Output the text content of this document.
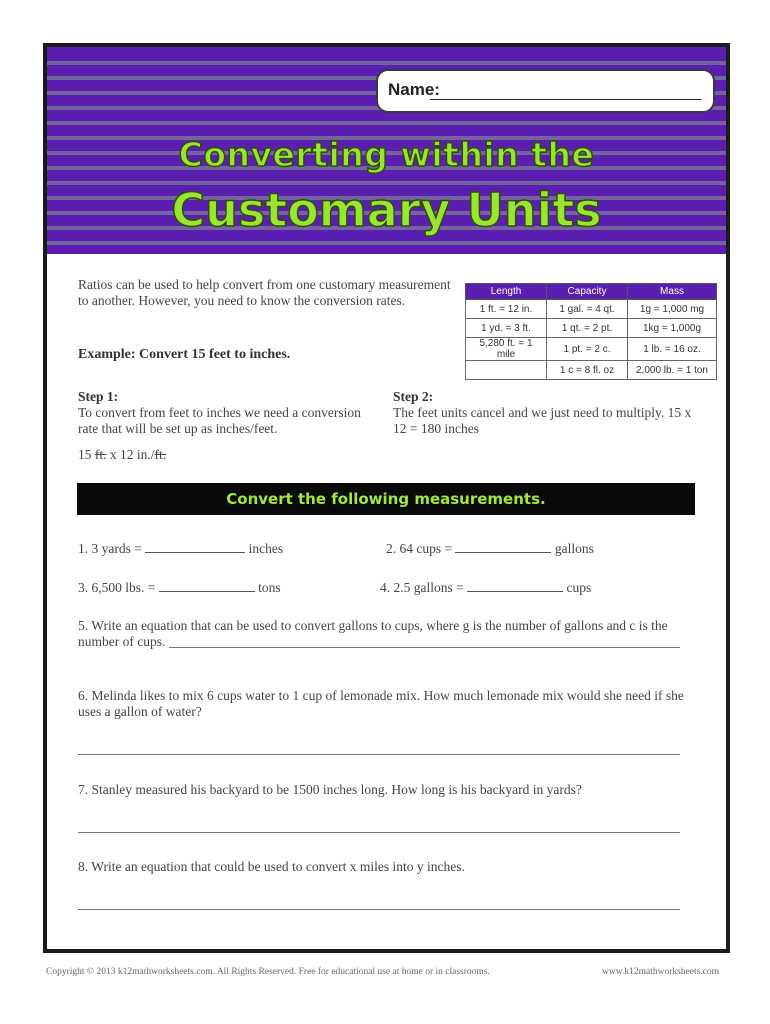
Name:
Converting within the
Customary Units
Ratios can be used to help convert from one customary measurement to another. However, you need to know the conversion rates.
Length	Capacity	Mass
1 ft. = 12 in.	1 gal. = 4 qt.	1g = 1,000 mg
1 yd. = 3 ft.	1 qt. = 2 pt.	1kg = 1,000g
5,280 ft. = 1 mile	1 pt. = 2 c.	1 lb. = 16 oz.
	1 c = 8 fl. oz	2,000 lb. = 1 ton
Example: Convert 15 feet to inches.
Step 1:
To convert from feet to inches we need a conversion rate that will be set up as inches/feet.
Step 2:
The feet units cancel and we just need to multiply. 15 x 12 = 180 inches
15 ft. x 12 in./ft.
Convert the following measurements.
1. 3 yards =	inches	2. 64 cups =	gallons
3. 6,500 lbs. =	tons	4. 2.5 gallons =	cups
5. Write an equation that can be used to convert gallons to cups, where g is the number of gallons and c is the number of cups.
6. Melinda likes to mix 6 cups water to 1 cup of lemonade mix. How much lemonade mix would she need if she uses a gallon of water?
7. Stanley measured his backyard to be 1500 inches long. How long is his backyard in yards?
8. Write an equation that could be used to convert x miles into y inches.
Copyright © 2013 k12mathworksheets.com. All Rights Reserved. Free for educational use at home or in classrooms.	www.k12mathworksheets.com
